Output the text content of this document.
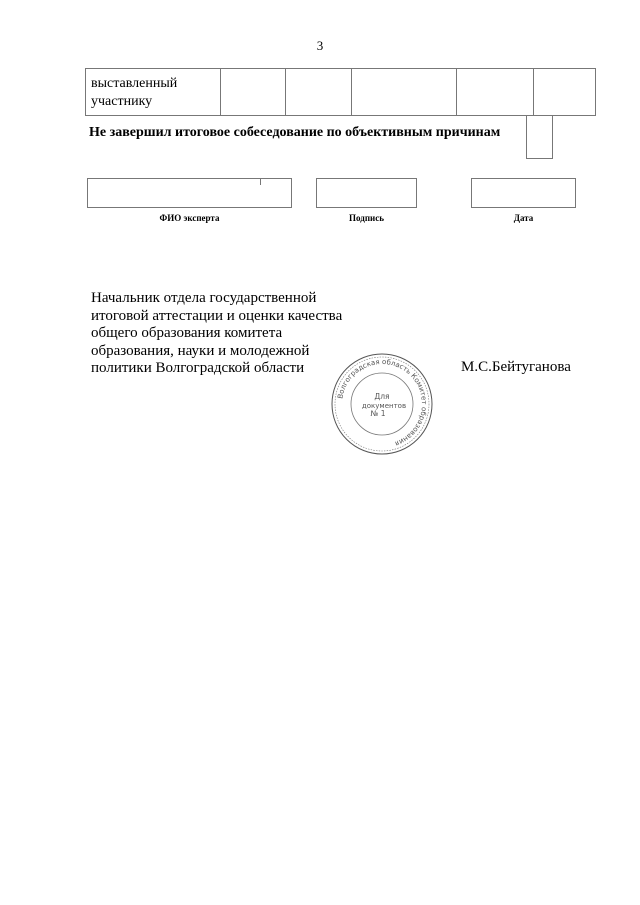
3
выставленный участнику
Не завершил итоговое собеседование по объективным причинам
ФИО эксперта	Подпись	Дата
Начальник отдела государственной итоговой аттестации и оценки качества общего образования комитета образования, науки и молодежной политики Волгоградской области	М.С.Бейтуганова
Волгоградская область Комитет образования
Для
документов
№ 1
